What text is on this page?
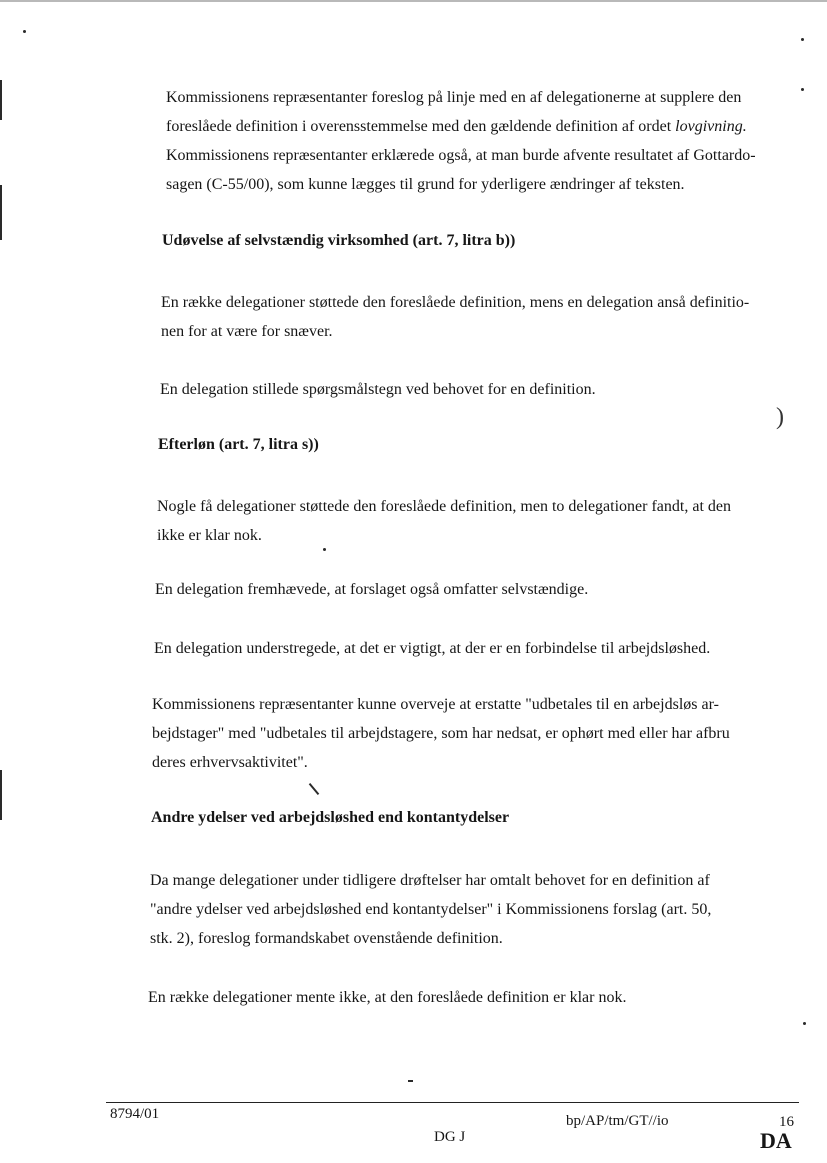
)
Kommissionens repræsentanter foreslog på linje med en af delegationerne at supplere den
foreslåede definition i overensstemmelse med den gældende definition af ordet lovgivning.
Kommissionens repræsentanter erklærede også, at man burde afvente resultatet af Gottardo-
sagen (C-55/00), som kunne lægges til grund for yderligere ændringer af teksten.
Udøvelse af selvstændig virksomhed (art. 7, litra b))
En række delegationer støttede den foreslåede definition, mens en delegation anså definitio-
nen for at være for snæver.
En delegation stillede spørgsmålstegn ved behovet for en definition.
Efterløn (art. 7, litra s))
Nogle få delegationer støttede den foreslåede definition, men to delegationer fandt, at den
ikke er klar nok.
En delegation fremhævede, at forslaget også omfatter selvstændige.
En delegation understregede, at det er vigtigt, at der er en forbindelse til arbejdsløshed.
Kommissionens repræsentanter kunne overveje at erstatte "udbetales til en arbejdsløs ar-
bejdstager" med "udbetales til arbejdstagere, som har nedsat, er ophørt med eller har afbru
deres erhvervsaktivitet".
Andre ydelser ved arbejdsløshed end kontantydelser
Da mange delegationer under tidligere drøftelser har omtalt behovet for en definition af
"andre ydelser ved arbejdsløshed end kontantydelser" i Kommissionens forslag (art. 50,
stk. 2), foreslog formandskabet ovenstående definition.
En række delegationer mente ikke, at den foreslåede definition er klar nok.
8794/01	bp/AP/tm/GT//io	16
DG J	DA
